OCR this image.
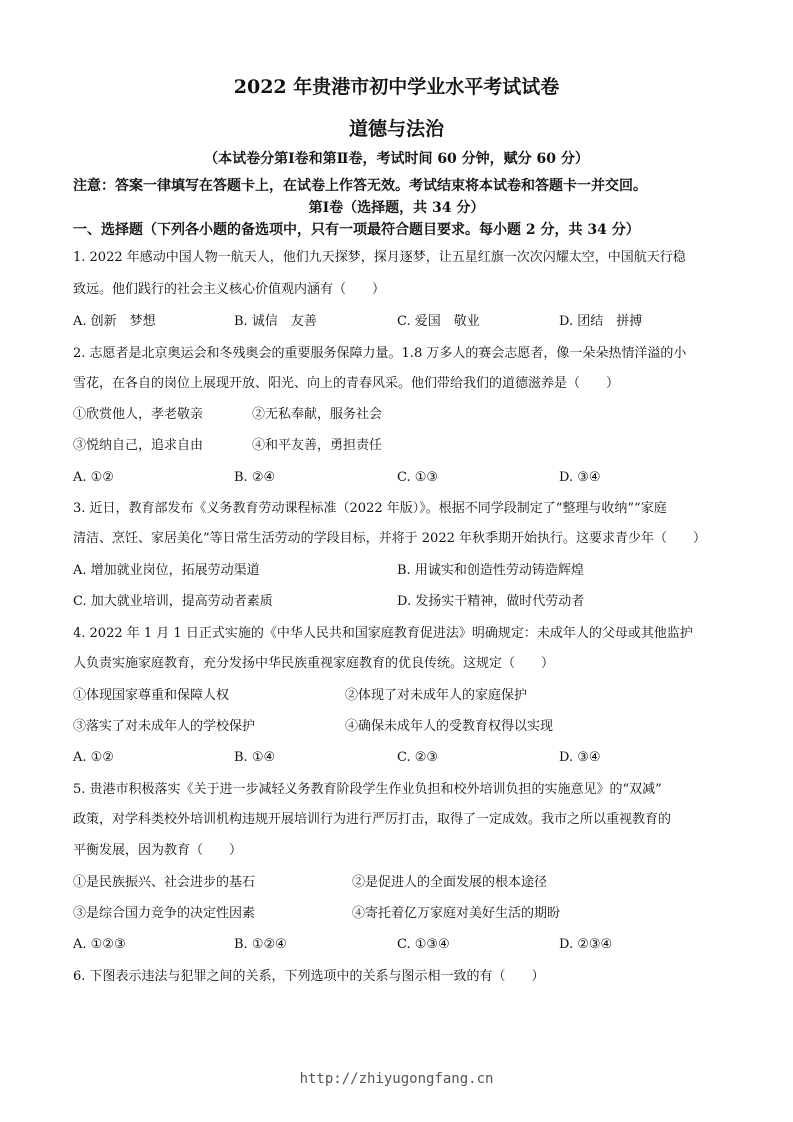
2022 年贵港市初中学业水平考试试卷
道德与法治
（本试卷分第Ⅰ卷和第Ⅱ卷，考试时间 60 分钟，赋分 60 分）
注意：答案一律填写在答题卡上，在试卷上作答无效。考试结束将本试卷和答题卡一并交回。
第Ⅰ卷（选择题，共 34 分）
一、选择题（下列各小题的备选项中，只有一项最符合题目要求。每小题 2 分，共 34 分）
1. 2022 年感动中国人物一航天人，他们九天探梦，探月逐梦，让五星红旗一次次闪耀太空，中国航天行稳
致远。他们践行的社会主义核心价值观内涵有（　　）
A. 创新　梦想	B. 诚信　友善	C. 爱国　敬业	D. 团结　拼搏
2. 志愿者是北京奥运会和冬残奥会的重要服务保障力量。1.8 万多人的赛会志愿者，像一朵朵热情洋溢的小
雪花，在各自的岗位上展现开放、阳光、向上的青春风采。他们带给我们的道德滋养是（　　）
①欣赏他人，孝老敬亲	②无私奉献，服务社会
③悦纳自己，追求自由	④和平友善，勇担责任
A. ①②	B. ②④	C. ①③	D. ③④
3. 近日，教育部发布《义务教育劳动课程标准（2022 年版）》。根据不同学段制定了“整理与收纳”“家庭
清洁、烹饪、家居美化”等日常生活劳动的学段目标，并将于 2022 年秋季期开始执行。这要求青少年（　　）
A. 增加就业岗位，拓展劳动渠道	B. 用诚实和创造性劳动铸造辉煌
C. 加大就业培训，提高劳动者素质	D. 发扬实干精神，做时代劳动者
4. 2022 年 1 月 1 日正式实施的《中华人民共和国家庭教育促进法》明确规定：未成年人的父母或其他监护
人负责实施家庭教育，充分发扬中华民族重视家庭教育的优良传统。这规定（　　）
①体现国家尊重和保障人权	②体现了对未成年人的家庭保护
③落实了对未成年人的学校保护	④确保未成年人的受教育权得以实现
A. ①②	B. ①④	C. ②③	D. ③④
5. 贵港市积极落实《关于进一步减轻义务教育阶段学生作业负担和校外培训负担的实施意见》的“双减”
政策，对学科类校外培训机构违规开展培训行为进行严厉打击，取得了一定成效。我市之所以重视教育的
平衡发展，因为教育（　　）
①是民族振兴、社会进步的基石	②是促进人的全面发展的根本途径
③是综合国力竞争的决定性因素	④寄托着亿万家庭对美好生活的期盼
A. ①②③	B. ①②④	C. ①③④	D. ②③④
6. 下图表示违法与犯罪之间的关系，下列选项中的关系与图示相一致的有（　　）
http://zhiyugongfang.cn
